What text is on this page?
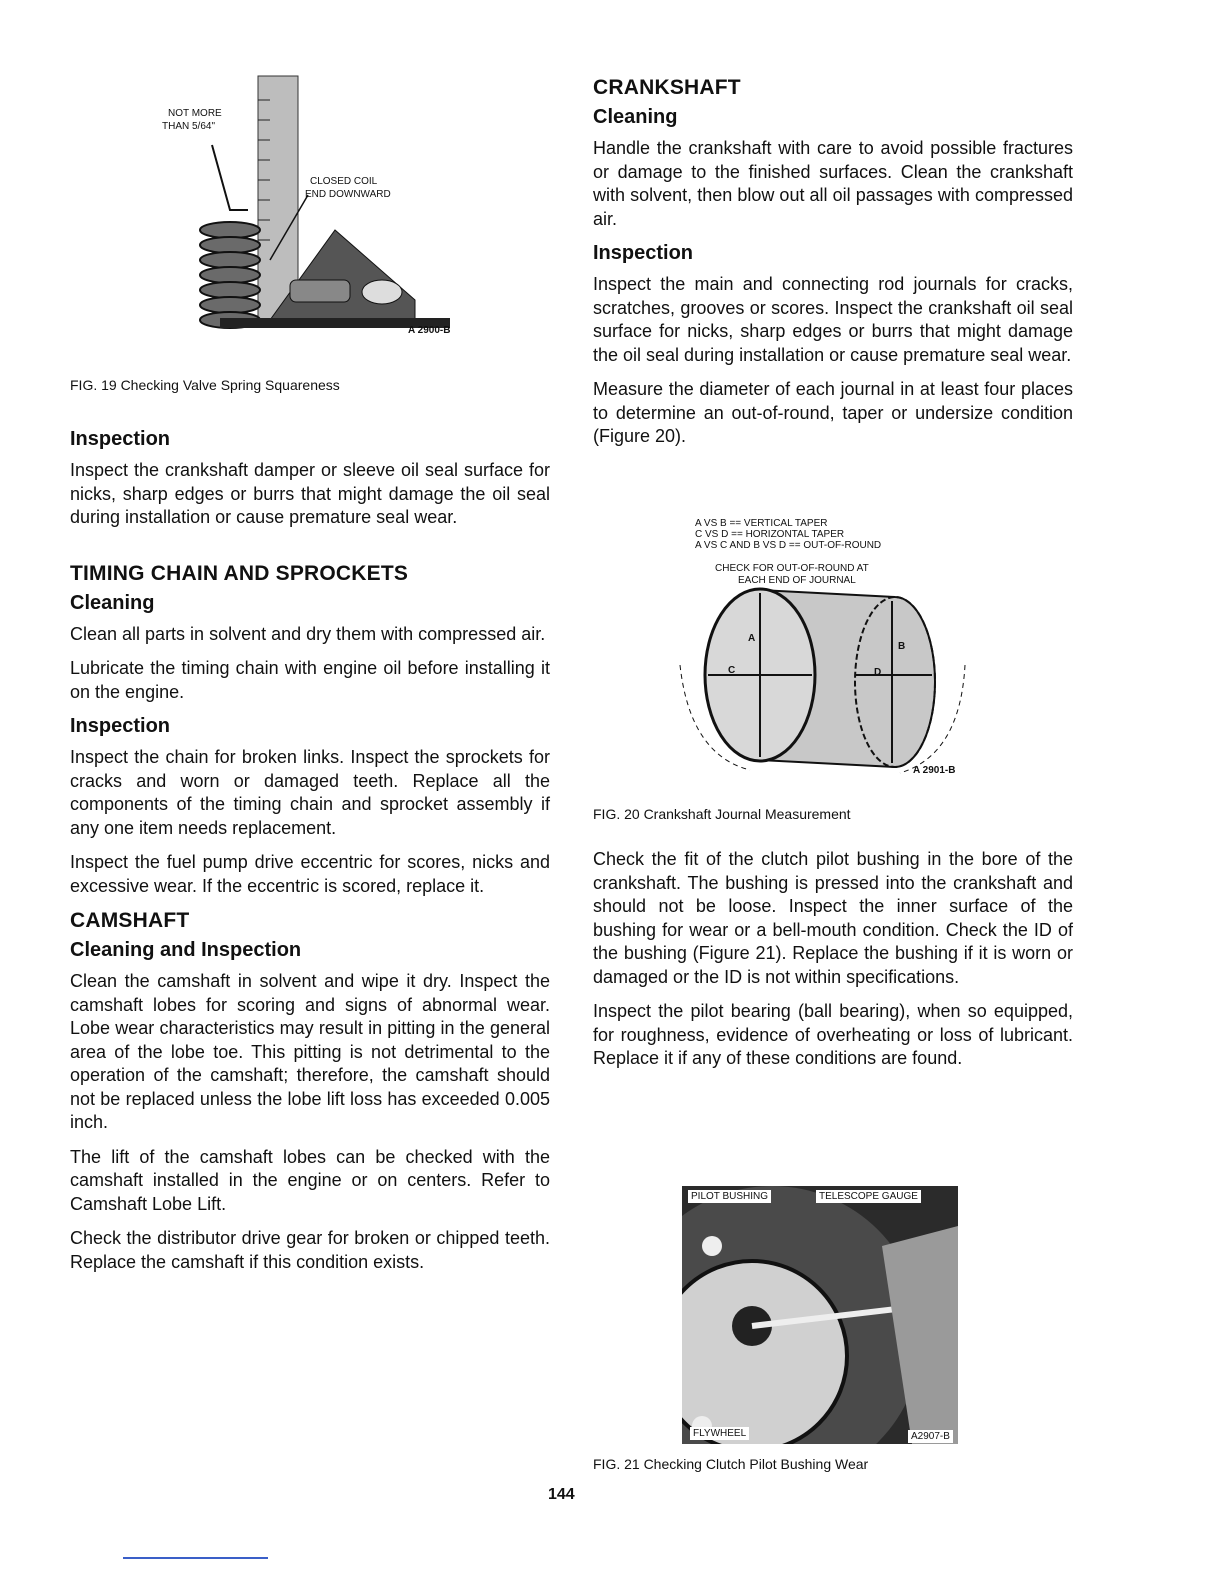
NOT MORE
THAN 5/64"
CLOSED COIL
END DOWNWARD
A 2900-B
FIG. 19 Checking Valve Spring Squareness
Inspection

Inspect the crankshaft damper or sleeve oil seal surface for nicks, sharp edges or burrs that might damage the oil seal during installation or cause premature seal wear.

TIMING CHAIN AND SPROCKETS
Cleaning

Clean all parts in solvent and dry them with compressed air.

Lubricate the timing chain with engine oil before installing it on the engine.

Inspection

Inspect the chain for broken links. Inspect the sprockets for cracks and worn or damaged teeth. Replace all the components of the timing chain and sprocket assembly if any one item needs replacement.

Inspect the fuel pump drive eccentric for scores, nicks and excessive wear. If the eccentric is scored, replace it.

CAMSHAFT
Cleaning and Inspection

Clean the camshaft in solvent and wipe it dry. Inspect the camshaft lobes for scoring and signs of abnormal wear. Lobe wear characteristics may result in pitting in the general area of the lobe toe. This pitting is not detrimental to the operation of the camshaft; therefore, the camshaft should not be replaced unless the lobe lift loss has exceeded 0.005 inch.

The lift of the camshaft lobes can be checked with the camshaft installed in the engine or on centers. Refer to Camshaft Lobe Lift.

Check the distributor drive gear for broken or chipped teeth. Replace the camshaft if this condition exists.

CRANKSHAFT
Cleaning

Handle the crankshaft with care to avoid possible fractures or damage to the finished surfaces. Clean the crankshaft with solvent, then blow out all oil passages with compressed air.

Inspection

Inspect the main and connecting rod journals for cracks, scratches, grooves or scores. Inspect the crankshaft oil seal surface for nicks, sharp edges or burrs that might damage the oil seal during installation or cause premature seal wear.

Measure the diameter of each journal in at least four places to determine an out-of-round, taper or undersize condition (Figure 20).

A VS B == VERTICAL TAPER
C VS D == HORIZONTAL TAPER
A VS C AND B VS D == OUT-OF-ROUND
CHECK FOR OUT-OF-ROUND AT
EACH END OF JOURNAL
A
B
C	D
A 2901-B
FIG. 20 Crankshaft Journal Measurement

Check the fit of the clutch pilot bushing in the bore of the crankshaft. The bushing is pressed into the crankshaft and should not be loose. Inspect the inner surface of the bushing for wear or a bell-mouth condition. Check the ID of the bushing (Figure 21). Replace the bushing if it is worn or damaged or the ID is not within specifications.

Inspect the pilot bearing (ball bearing), when so equipped, for roughness, evidence of overheating or loss of lubricant. Replace it if any of these conditions are found.

PILOT BUSHING	TELESCOPE GAUGE
FLYWHEEL	A2907-B
FIG. 21 Checking Clutch Pilot Bushing Wear
144
